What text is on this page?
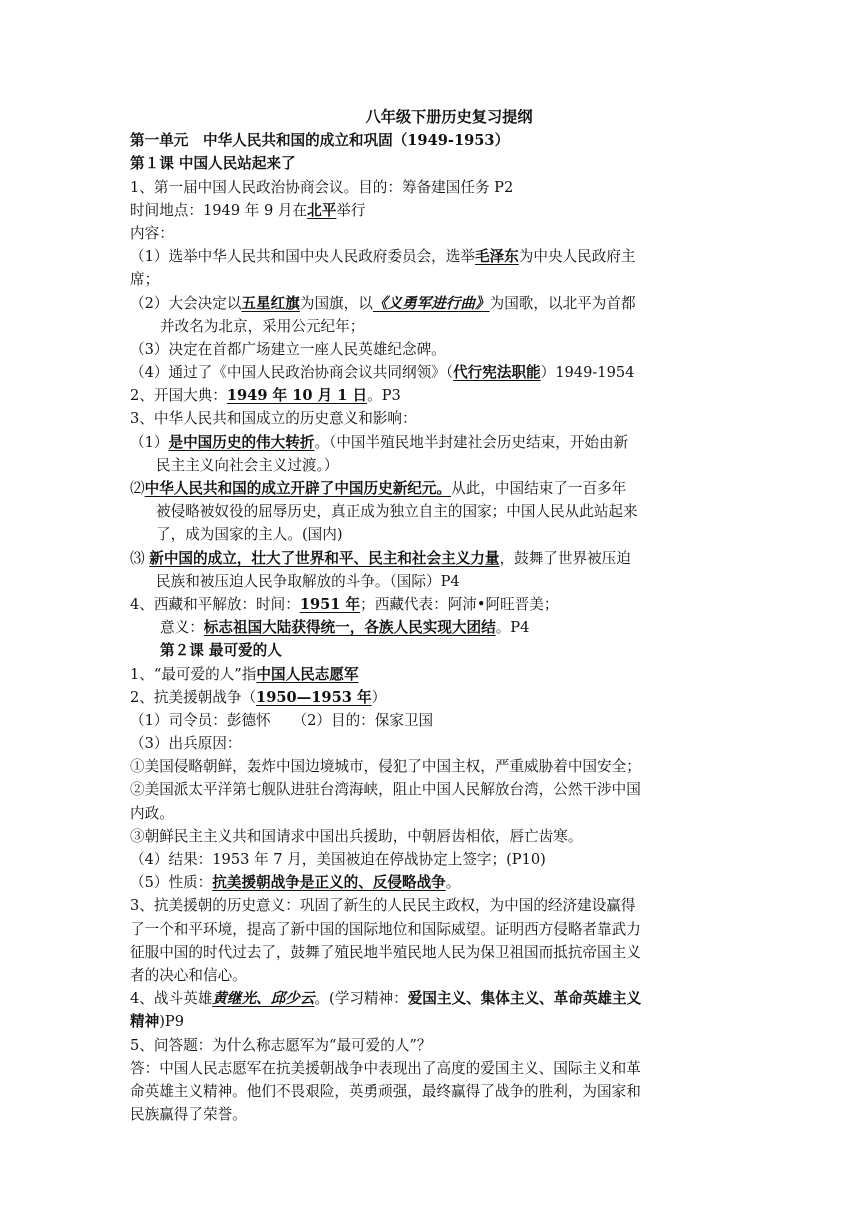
八年级下册历史复习提纲
第一单元　中华人民共和国的成立和巩固（1949-1953）
第１课 中国人民站起来了
1、第一届中国人民政治协商会议。目的：筹备建国任务 P2
时间地点：1949 年 9 月在北平举行
内容：
（1）选举中华人民共和国中央人民政府委员会，选举毛泽东为中央人民政府主
席；
（2）大会决定以五星红旗为国旗，以《义勇军进行曲》为国歌，以北平为首都
并改名为北京，采用公元纪年；
（3）决定在首都广场建立一座人民英雄纪念碑。
（4）通过了《中国人民政治协商会议共同纲领》（代行宪法职能）1949-1954
2、开国大典：1949 年 10 月 1 日。P3
3、中华人民共和国成立的历史意义和影响：
（1）是中国历史的伟大转折。（中国半殖民地半封建社会历史结束，开始由新
民主主义向社会主义过渡。）
⑵中华人民共和国的成立开辟了中国历史新纪元。从此，中国结束了一百多年
被侵略被奴役的屈辱历史，真正成为独立自主的国家；中国人民从此站起来
了，成为国家的主人。(国内)
⑶ 新中国的成立，壮大了世界和平、民主和社会主义力量，鼓舞了世界被压迫
民族和被压迫人民争取解放的斗争。（国际）P4
4、西藏和平解放：时间：1951 年；西藏代表：阿沛•阿旺晋美；
意义：标志祖国大陆获得统一，各族人民实现大团结。P4
第２课 最可爱的人
1、“最可爱的人”指中国人民志愿军
2、抗美援朝战争（1950—1953 年）
（1）司令员：彭德怀　　（2）目的：保家卫国
（3）出兵原因：
①美国侵略朝鲜，轰炸中国边境城市，侵犯了中国主权，严重威胁着中国安全；
②美国派太平洋第七舰队进驻台湾海峡，阻止中国人民解放台湾，公然干涉中国
内政。
③朝鲜民主主义共和国请求中国出兵援助，中朝唇齿相依，唇亡齿寒。
（4）结果：1953 年 7 月，美国被迫在停战协定上签字；(P10)
（5）性质：抗美援朝战争是正义的、反侵略战争。
3、抗美援朝的历史意义：巩固了新生的人民民主政权，为中国的经济建设赢得
了一个和平环境，提高了新中国的国际地位和国际威望。证明西方侵略者靠武力
征服中国的时代过去了，鼓舞了殖民地半殖民地人民为保卫祖国而抵抗帝国主义
者的决心和信心。
4、战斗英雄黄继光、邱少云。(学习精神：爱国主义、集体主义、革命英雄主义
精神)P9
5、问答题：为什么称志愿军为“最可爱的人”？
答：中国人民志愿军在抗美援朝战争中表现出了高度的爱国主义、国际主义和革
命英雄主义精神。他们不畏艰险，英勇顽强，最终赢得了战争的胜利，为国家和
民族赢得了荣誉。
